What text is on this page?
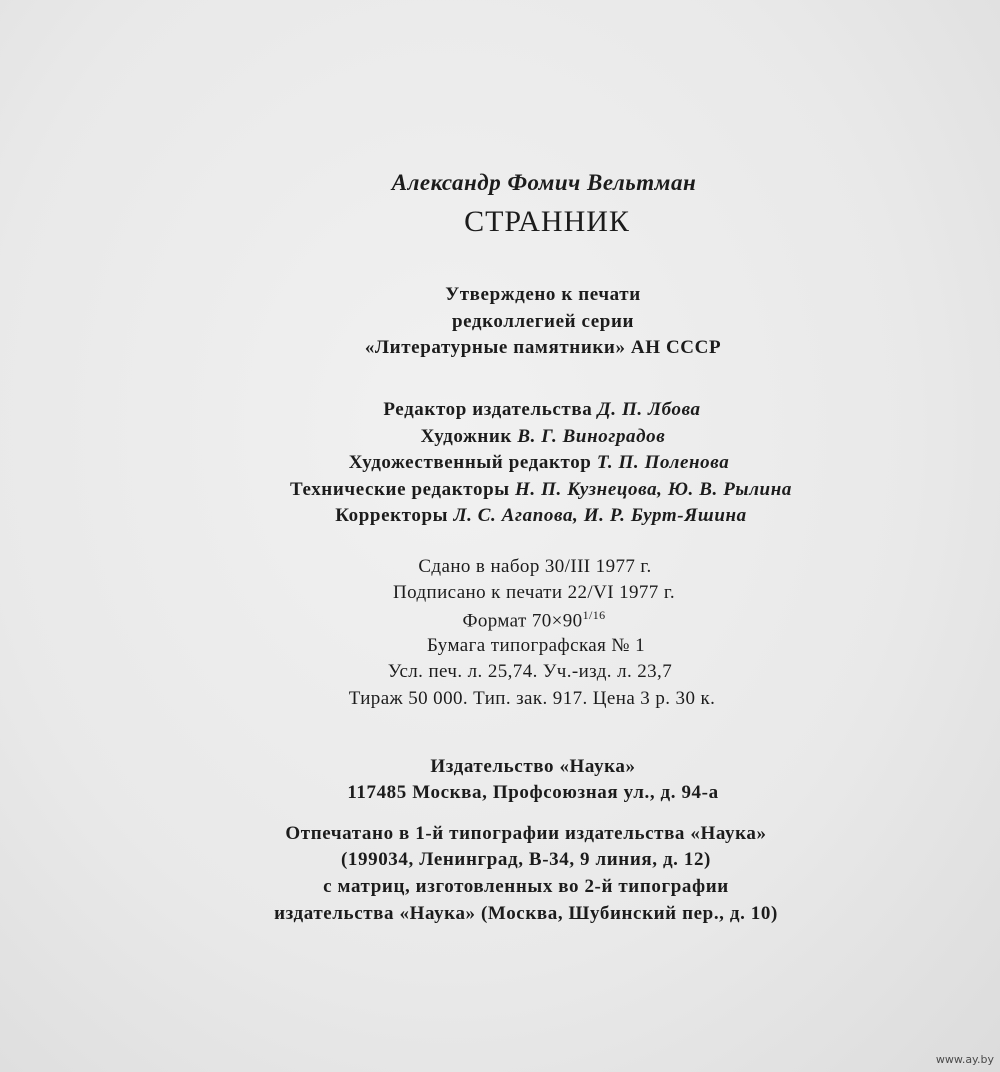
Александр Фомич Вельтман
СТРАННИК
Утверждено к печати
редколлегией серии
«Литературные памятники» АН СССР
Редактор издательства Д. П. Лбова
Художник В. Г. Виноградов
Художественный редактор Т. П. Поленова
Технические редакторы Н. П. Кузнецова, Ю. В. Рылина
Корректоры Л. С. Агапова, И. Р. Бурт-Яшина
Сдано в набор 30/III 1977 г.
Подписано к печати 22/VI 1977 г.
Формат $70\times 90^{1/16}$
Бумага типографская № 1
Усл. печ. л. 25,74. Уч.-изд. л. 23,7
Тираж 50 000. Тип. зак. 917. Цена 3 р. 30 к.
Издательство «Наука»
117485 Москва, Профсоюзная ул., д. 94-а
Отпечатано в 1-й типографии издательства «Наука»
(199034, Ленинград, В-34, 9 линия, д. 12)
с матриц, изготовленных во 2-й типографии
издательства «Наука» (Москва, Шубинский пер., д. 10)
www.ay.by
